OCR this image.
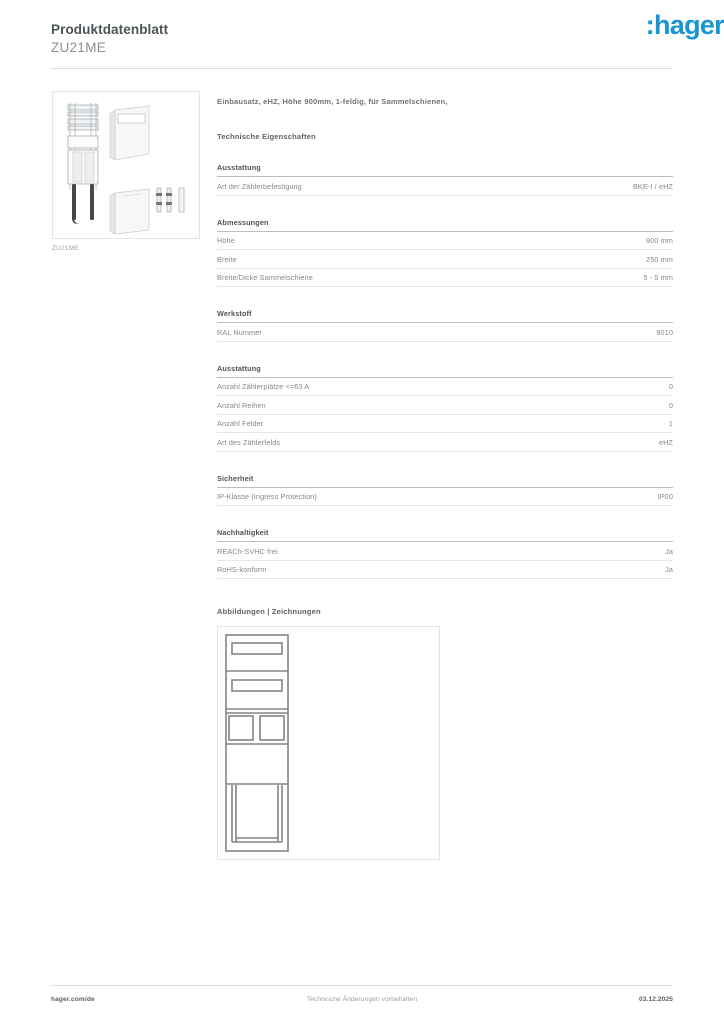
Produktdatenblatt
ZU21ME
:hager
ZU21ME
Einbausatz, eHZ, Höhe 900mm, 1-feldig, für Sammelschienen,
Technische Eigenschaften
Ausstattung
Art der Zählerbefestigung	BKE-I / eHZ
Abmessungen
Höhe	900 mm
Breite	250 mm
Breite/Dicke Sammelschiene	5 - 5 mm
Werkstoff
RAL Nummer	9010
Ausstattung
Anzahl Zählerplätze <=63 A	0
Anzahl Reihen	0
Anzahl Felder	1
Art des Zählerfelds	eHZ
Sicherheit
IP-Klasse (Ingress Protection)	IP00
Nachhaltigkeit
REACh-SVHC frei	Ja
RoHS-konform	Ja
Abbildungen | Zeichnungen
hager.com/de	Technische Änderungen vorbehalten	03.12.2025
